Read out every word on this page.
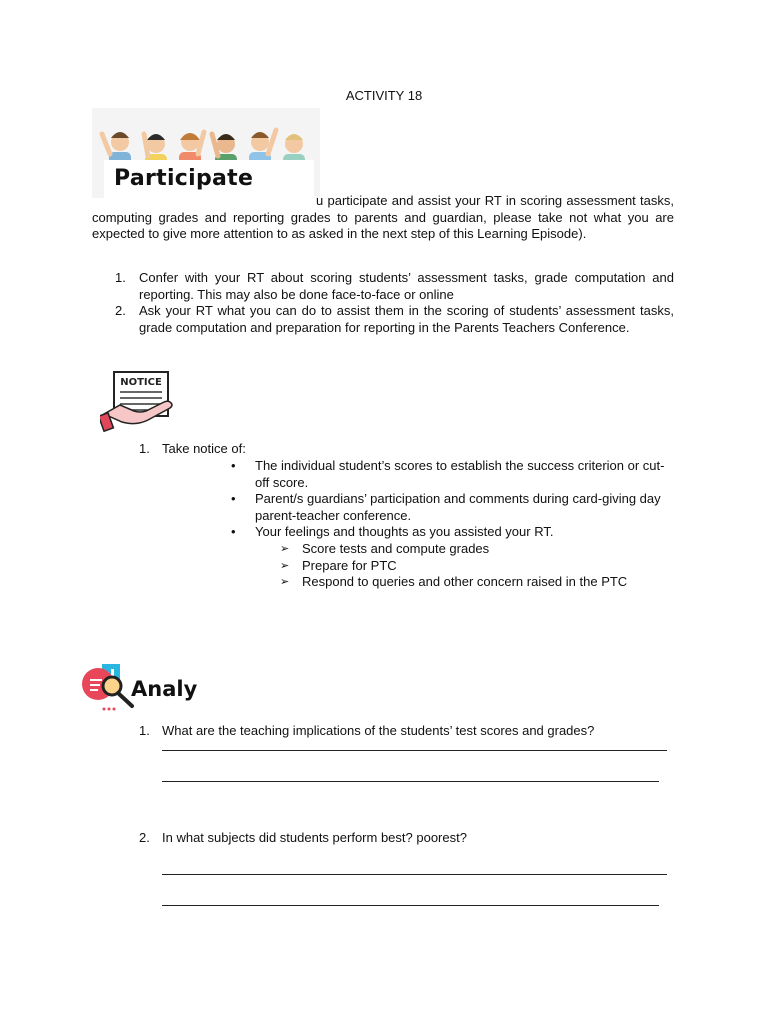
ACTIVITY 18
Participate
u participate and assist your RT in scoring assessment tasks, computing grades and reporting grades to parents and guardian, please take not what you are expected to give more attention to as asked in the next step of this Learning Episode).
1. Confer with your RT about scoring students’ assessment tasks, grade computation and reporting. This may also be done face-to-face or online
2. Ask your RT what you can do to assist them in the scoring of students’ assessment tasks, grade computation and preparation for reporting in the Parents Teachers Conference.
NOTICE
1. Take notice of:
• The individual student’s scores to establish the success criterion or cut-off score.
• Parent/s guardians’ participation and comments during card-giving day parent-teacher conference.
• Your feelings and thoughts as you assisted your RT.
➢ Score tests and compute grades
➢ Prepare for PTC
➢ Respond to queries and other concern raised in the PTC
Analy
1. What are the teaching implications of the students’ test scores and grades?
2. In what subjects did students perform best? poorest?
